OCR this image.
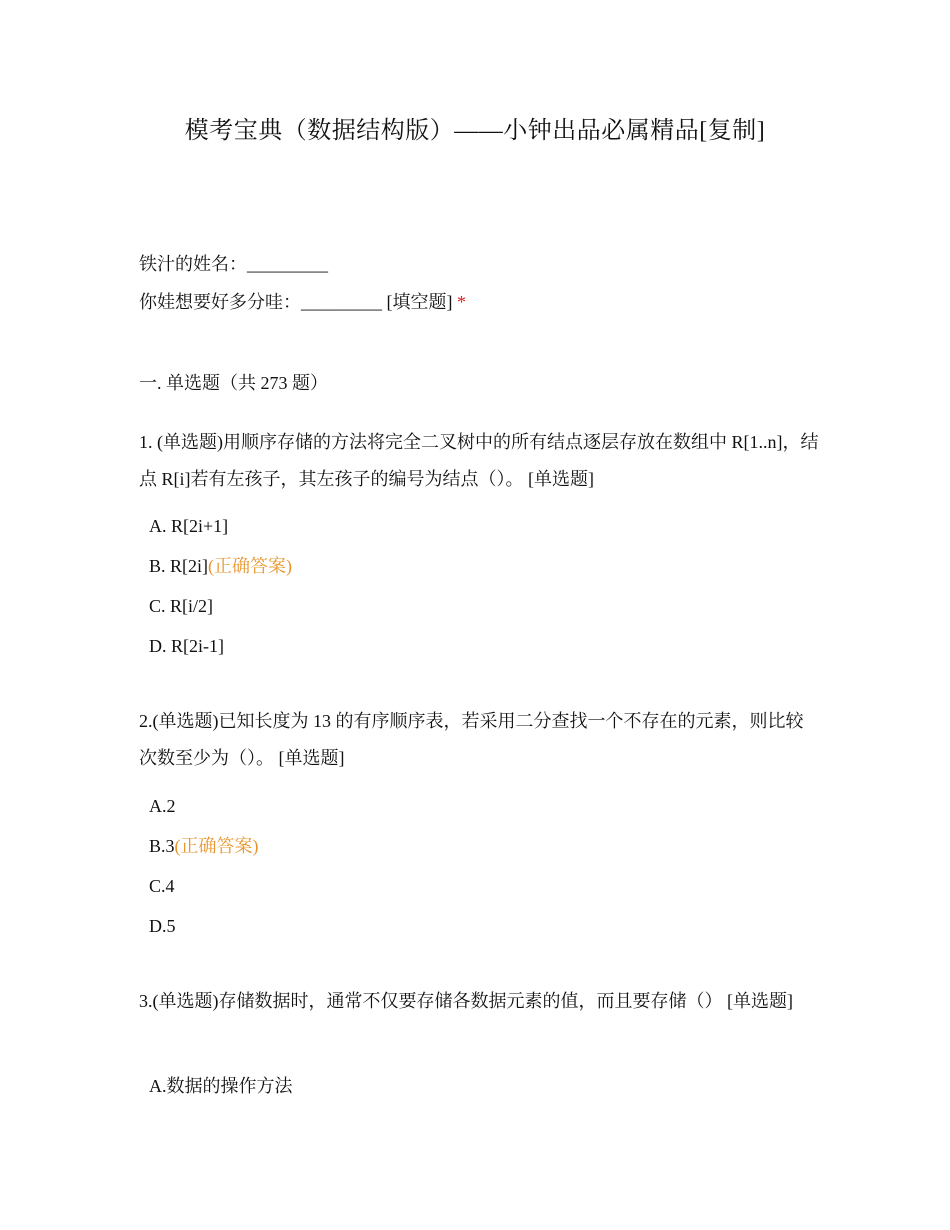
模考宝典（数据结构版）——小钟出品必属精品[复制]
铁汁的姓名：_________
你娃想要好多分哇：_________ [填空题] *
一. 单选题（共 273 题）
1. (单选题)用顺序存储的方法将完全二叉树中的所有结点逐层存放在数组中 R[1..n]，结点 R[i]若有左孩子，其左孩子的编号为结点（）。 [单选题]
A. R[2i+1]
B. R[2i](正确答案)
C. R[i/2]
D. R[2i-1]
2.(单选题)已知长度为 13 的有序顺序表，若采用二分查找一个不存在的元素，则比较次数至少为（）。 [单选题]
A.2
B.3(正确答案)
C.4
D.5
3.(单选题)存储数据时，通常不仅要存储各数据元素的值，而且要存储（） [单选题]
A.数据的操作方法
